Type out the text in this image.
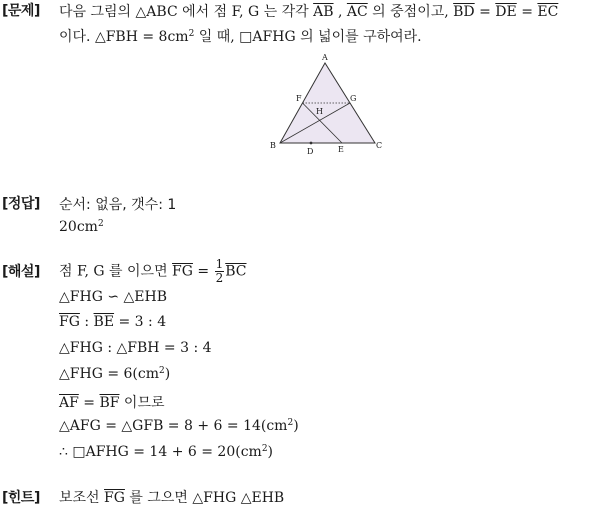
[문제] 다음 그림의 △ABC 에서 점 F, G 는 각각 $\overline{AB}$ , $\overline{AC}$ 의 중점이고, $\overline{BD} = \overline{DE} = \overline{EC}$
이다. △FBH = $8cm^2$ 일 때, □AFHG 의 넓이를 구하여라.
A
B	C
D	E
F	G
H
[정답] 순서: 없음, 갯수: 1
$20cm^2$
[해설] 점 F, G 를 이으면 $\overline{FG} = \frac{1}{2} \overline{BC}$
△FHG ∽ △EHB
$\overline{FG}$ : $\overline{BE} = 3$ : 4
△FHG : △FBH = 3 : 4
△FHG = $6(cm^2)$
$\overline{AF} = \overline{BF}$ 이므로
△AFG = △GFB = $8 + 6 = 14(cm^2)$
∴ □AFHG = $14 + 6 = 20(cm^2)$
[힌트] 보조선 $\overline{FG}$ 를 그으면 △FHG △EHB
